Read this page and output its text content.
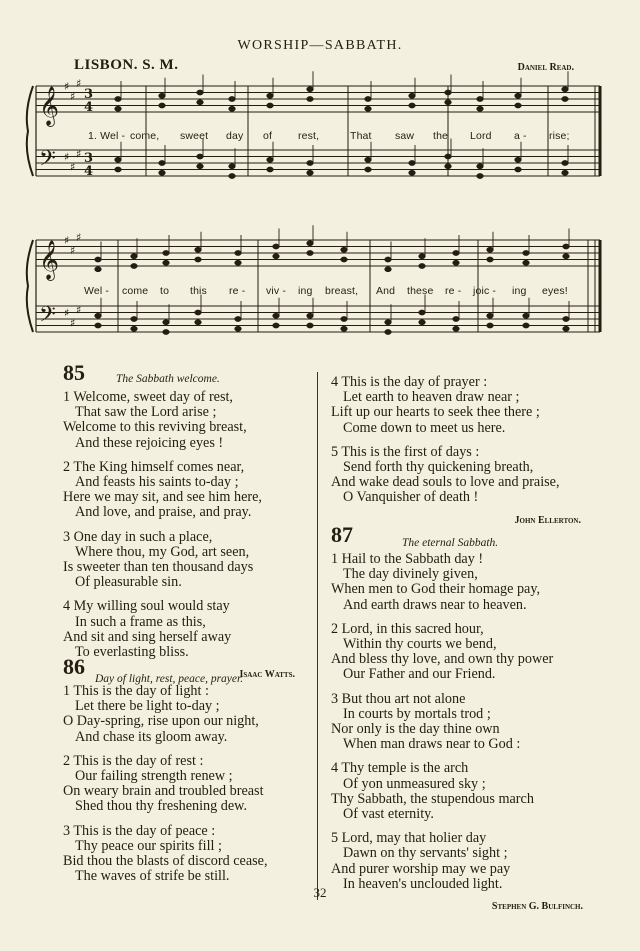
WORSHIP—SABBATH.
LISBON. S. M.	Daniel Read.
𝄞 ♯
♯
♯
3
4
𝄢 ♯
♯
♯ 3
4
𝄞 ♯
♯
♯
𝄢 ♯
♯
♯
1. Wel - come, sweet day of rest,	That saw the Lord a - rise;
Wel - come to this re - viv - ing breast, And these re - joic - ing eyes!
85	The Sabbath welcome.
1 Welcome, sweet day of rest,
That saw the Lord arise ;
Welcome to this reviving breast,
And these rejoicing eyes !
2 The King himself comes near,
And feasts his saints to-day ;
Here we may sit, and see him here,
And love, and praise, and pray.
3 One day in such a place,
Where thou, my God, art seen,
Is sweeter than ten thousand days
Of pleasurable sin.
4 My willing soul would stay
In such a frame as this,
And sit and sing herself away
To everlasting bliss.
Isaac Watts.
86 Day of light, rest, peace, prayer.
1 This is the day of light :
Let there be light to-day ;
O Day-spring, rise upon our night,
And chase its gloom away.
2 This is the day of rest :
Our failing strength renew ;
On weary brain and troubled breast
Shed thou thy freshening dew.
3 This is the day of peace :
Thy peace our spirits fill ;
Bid thou the blasts of discord cease,
The waves of strife be still.
4 This is the day of prayer :
Let earth to heaven draw near ;
Lift up our hearts to seek thee there ;
Come down to meet us here.
5 This is the first of days :
Send forth thy quickening breath,
And wake dead souls to love and praise,
O Vanquisher of death !
John Ellerton.
87	The eternal Sabbath.
1 Hail to the Sabbath day !
The day divinely given,
When men to God their homage pay,
And earth draws near to heaven.
2 Lord, in this sacred hour,
Within thy courts we bend,
And bless thy love, and own thy power
Our Father and our Friend.
3 But thou art not alone
In courts by mortals trod ;
Nor only is the day thine own
When man draws near to God :
4 Thy temple is the arch
Of yon unmeasured sky ;
Thy Sabbath, the stupendous march
Of vast eternity.
5 Lord, may that holier day
Dawn on thy servants' sight ;
And purer worship may we pay
In heaven's unclouded light.
Stephen G. Bulfinch.
32
